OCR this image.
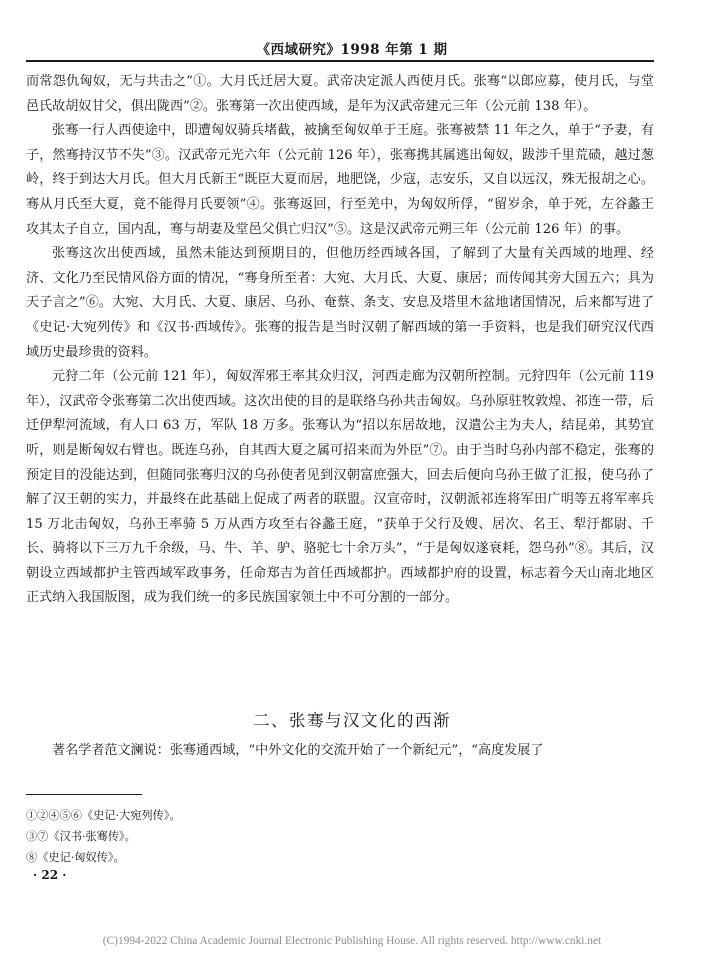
《西域研究》1998 年第 1 期

而常怨仇匈奴，无与共击之”①。大月氏迁居大夏。武帝决定派人西使月氏。张骞“以郎应募，使月氏，与堂邑氏故胡奴甘父，俱出陇西”②。张骞第一次出使西域，是年为汉武帝建元三年（公元前 138 年）。

张骞一行人西使途中，即遭匈奴骑兵堵截，被擒至匈奴单于王庭。张骞被禁 11 年之久，单于“予妻，有子，然骞持汉节不失”③。汉武帝元光六年（公元前 126 年），张骞携其属逃出匈奴，跋涉千里荒碛，越过葱岭，终于到达大月氏。但大月氏新王“既臣大夏而居，地肥饶，少寇，志安乐，又自以远汉，殊无报胡之心。骞从月氏至大夏，竟不能得月氏要领”④。张骞返回，行至羌中，为匈奴所俘，“留岁余，单于死，左谷蠡王攻其太子自立，国内乱，骞与胡妻及堂邑父俱亡归汉”⑤。这是汉武帝元朔三年（公元前 126 年）的事。

张骞这次出使西域，虽然未能达到预期目的，但他历经西域各国，了解到了大量有关西域的地理、经济、文化乃至民情风俗方面的情况，“骞身所至者：大宛、大月氏、大夏、康居；而传闻其旁大国五六；具为天子言之”⑥。大宛、大月氏、大夏、康居、乌孙、奄蔡、条支、安息及塔里木盆地诸国情况，后来都写进了《史记·大宛列传》和《汉书·西域传》。张骞的报告是当时汉朝了解西域的第一手资料，也是我们研究汉代西域历史最珍贵的资料。

元狩二年（公元前 121 年），匈奴浑邪王率其众归汉，河西走廊为汉朝所控制。元狩四年（公元前 119 年），汉武帝令张骞第二次出使西域。这次出使的目的是联络乌孙共击匈奴。乌孙原驻牧敦煌、祁连一带，后迁伊犁河流域，有人口 63 万，军队 18 万多。张骞认为“招以东居故地，汉遣公主为夫人，结昆弟，其势宜听，则是断匈奴右臂也。既连乌孙，自其西大夏之属可招来而为外臣”⑦。由于当时乌孙内部不稳定，张骞的预定目的没能达到，但随同张骞归汉的乌孙使者见到汉朝富庶强大，回去后便向乌孙王做了汇报，使乌孙了解了汉王朝的实力，并最终在此基础上促成了两者的联盟。汉宣帝时，汉朝派祁连将军田广明等五将军率兵 15 万北击匈奴，乌孙王率骑 5 万从西方攻至右谷蠡王庭，“获单于父行及嫂、居次、名王、犁汙都尉、千长、骑将以下三万九千余级，马、牛、羊、驴、骆驼七十余万头”，“于是匈奴遂衰耗，怨乌孙”⑧。其后，汉朝设立西域都护主管西域军政事务，任命郑吉为首任西域都护。西域都护府的设置，标志着今天山南北地区正式纳入我国版图，成为我们统一的多民族国家领土中不可分割的一部分。

二、张骞与汉文化的西渐
著名学者范文澜说：张骞通西域，“中外文化的交流开始了一个新纪元”，“高度发展了

①②④⑤⑥《史记·大宛列传》。

③⑦《汉书·张骞传》。

⑧《史记·匈奴传》。

· 22 ·
(C)1994-2022 China Academic Journal Electronic Publishing House. All rights reserved. http://www.cnki.net
